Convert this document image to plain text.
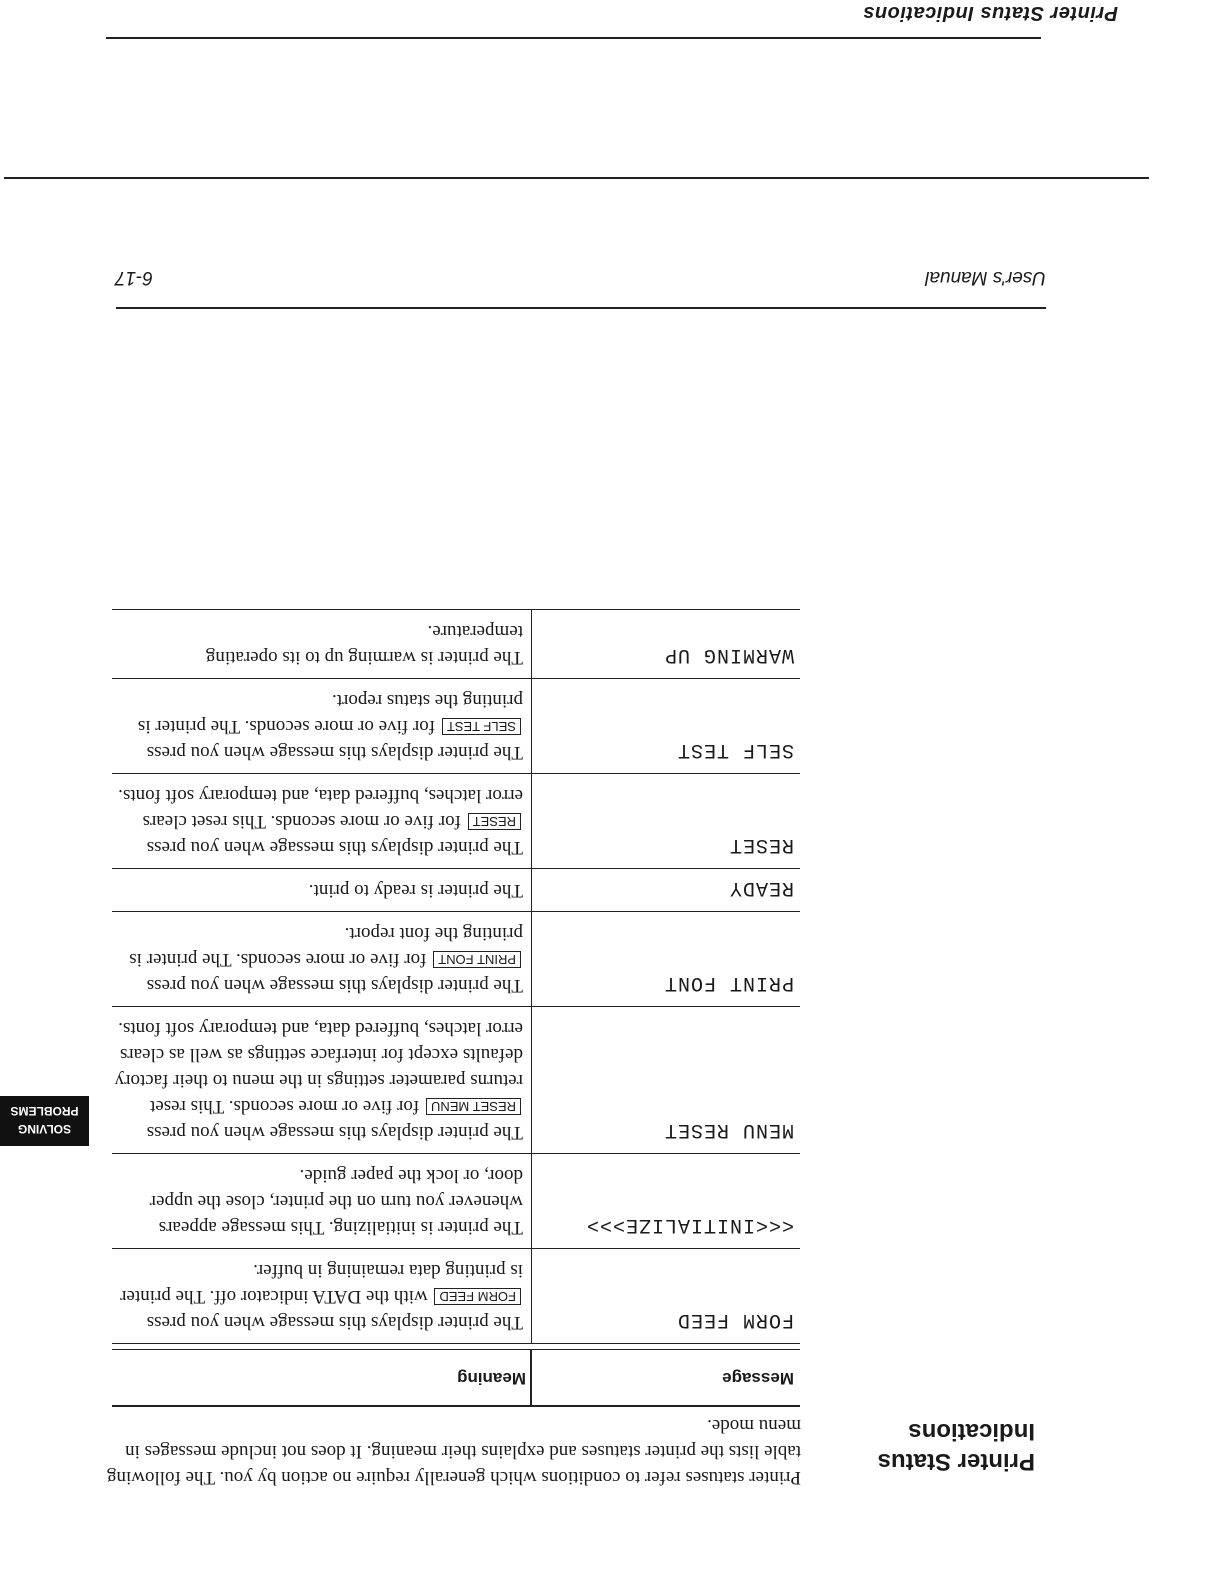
Printer Status Indications
Printer Status Indications

Printer statuses refer to conditions which generally require no action by you. The following table lists the printer statuses and explains their meaning. It does not include messages in menu mode.

Message
Meaning
FORM FEED
The printer displays this message when you press FORM FEED with the DATA indicator off. The printer is printing data remaining in buffer.
<<<INITIALIZE>>>
The printer is initializing. This message appears whenever you turn on the printer, close the upper door, or lock the paper guide.
MENU RESET
The printer displays this message when you press RESET MENU for five or more seconds. This reset returns parameter settings in the menu to their factory defaults except for interface settings as well as clears error latches, buffered data, and temporary soft fonts.
PRINT FONT
The printer displays this message when you press PRINT FONT for five or more seconds. The printer is printing the font report.
READY
The printer is ready to print.
RESET
The printer displays this message when you press RESET for five or more seconds. This reset clears error latches, buffered data, and temporary soft fonts.
SELF TEST
The printer displays this message when you press SELF TEST for five or more seconds. The printer is printing the status report.
WARMING UP
The printer is warming up to its operating temperature.
6-17	User's Manual
SOLVING PROBLEMS
